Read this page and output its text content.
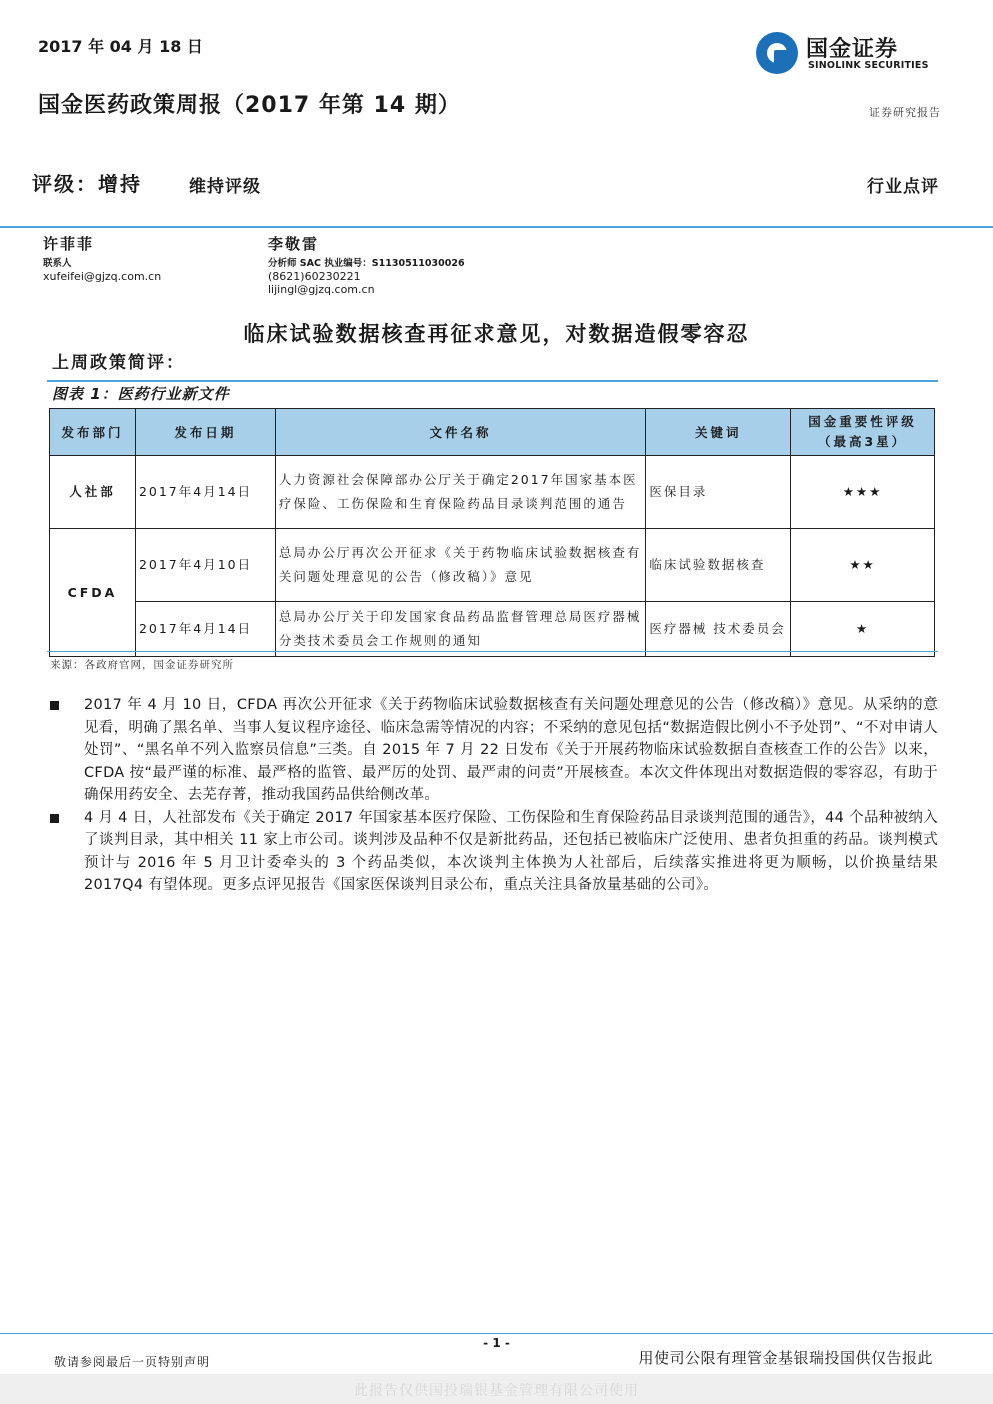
2017 年 04 月 18 日
国金医药政策周报（2017 年第 14 期）
国金证券
SINOLINK SECURITIES
证券研究报告
评级：增持	维持评级	行业点评
许菲菲
联系人
xufeifei@gjzq.com.cn
李敬雷
分析师 SAC 执业编号：S1130511030026
(8621)60230221
lijingl@gjzq.com.cn
临床试验数据核查再征求意见，对数据造假零容忍
上周政策简评：
图表 1：医药行业新文件
发布部门	发布日期	文件名称	关键词	国金重要性评级（最高3星）
人社部	2017年4月14日	人力资源社会保障部办公厅关于确定2017年国家基本医疗保险、工伤保险和生育保险药品目录谈判范围的通告	医保目录	★★★
CFDA	2017年4月10日	总局办公厅再次公开征求《关于药物临床试验数据核查有关问题处理意见的公告（修改稿）》意见	临床试验数据核查	★★
	2017年4月14日	总局办公厅关于印发国家食品药品监督管理总局医疗器械分类技术委员会工作规则的通知	医疗器械 技术委员会	★
来源：各政府官网，国金证券研究所
2017 年 4 月 10 日，CFDA 再次公开征求《关于药物临床试验数据核查有关问题处理意见的公告（修改稿）》意见。从采纳的意见看，明确了黑名单、当事人复议程序途径、临床急需等情况的内容；不采纳的意见包括“数据造假比例小不予处罚”、“不对申请人处罚”、“黑名单不列入监察员信息”三类。自 2015 年 7 月 22 日发布《关于开展药物临床试验数据自查核查工作的公告》以来，CFDA 按“最严谨的标准、最严格的监管、最严厉的处罚、最严肃的问责”开展核查。本次文件体现出对数据造假的零容忍，有助于确保用药安全、去芜存菁，推动我国药品供给侧改革。
4 月 4 日，人社部发布《关于确定 2017 年国家基本医疗保险、工伤保险和生育保险药品目录谈判范围的通告》，44 个品种被纳入了谈判目录，其中相关 11 家上市公司。谈判涉及品种不仅是新批药品，还包括已被临床广泛使用、患者负担重的药品。谈判模式预计与 2016 年 5 月卫计委牵头的 3 个药品类似，本次谈判主体换为人社部后，后续落实推进将更为顺畅，以价换量结果 2017Q4 有望体现。更多点评见报告《国家医保谈判目录公布，重点关注具备放量基础的公司》。
- 1 -
敬请参阅最后一页特别声明	用使司公限有理管金基银瑞投国供仅告报此
此报告仅供国投瑞银基金管理有限公司使用
